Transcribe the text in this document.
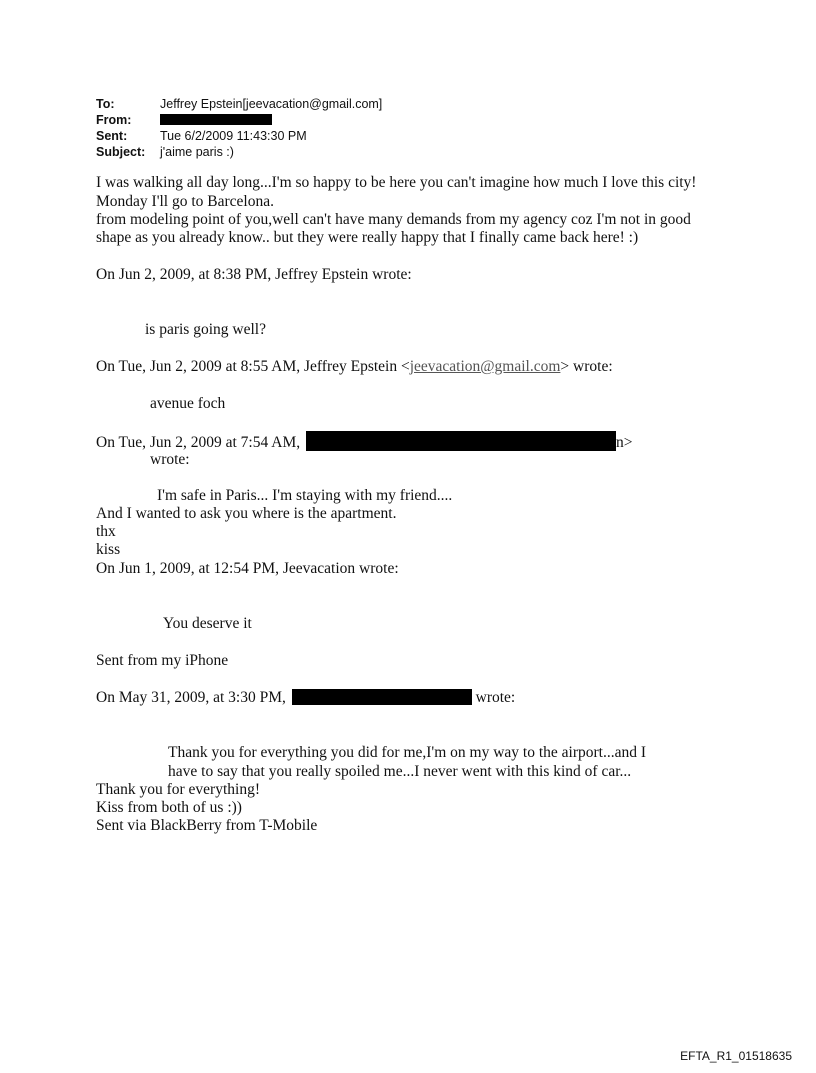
To:	Jeffrey Epstein[jeevacation@gmail.com]
From:
Sent:	Tue 6/2/2009 11:43:30 PM
Subject:	j'aime paris :)
I was walking all day long...I'm so happy to be here you can't imagine how much I love this city!
Monday I'll go to Barcelona.
from modeling point of you,well can't have many demands from my agency coz I'm not in good
shape as you already know.. but they were really happy that I finally came back here! :)
On Jun 2, 2009, at 8:38 PM, Jeffrey Epstein wrote:
is paris going well?
On Tue, Jun 2, 2009 at 8:55 AM, Jeffrey Epstein <jeevacation@gmail.com> wrote:
avenue foch
On Tue, Jun 2, 2009 at 7:54 AM,	n>
wrote:
I'm safe in Paris... I'm staying with my friend....
And I wanted to ask you where is the apartment.
thx
kiss
On Jun 1, 2009, at 12:54 PM, Jeevacation wrote:
You deserve it
Sent from my iPhone
On May 31, 2009, at 3:30 PM,	wrote:
Thank you for everything you did for me,I'm on my way to the airport...and I
have to say that you really spoiled me...I never went with this kind of car...
Thank you for everything!
Kiss from both of us :))
Sent via BlackBerry from T-Mobile
EFTA_R1_01518635
